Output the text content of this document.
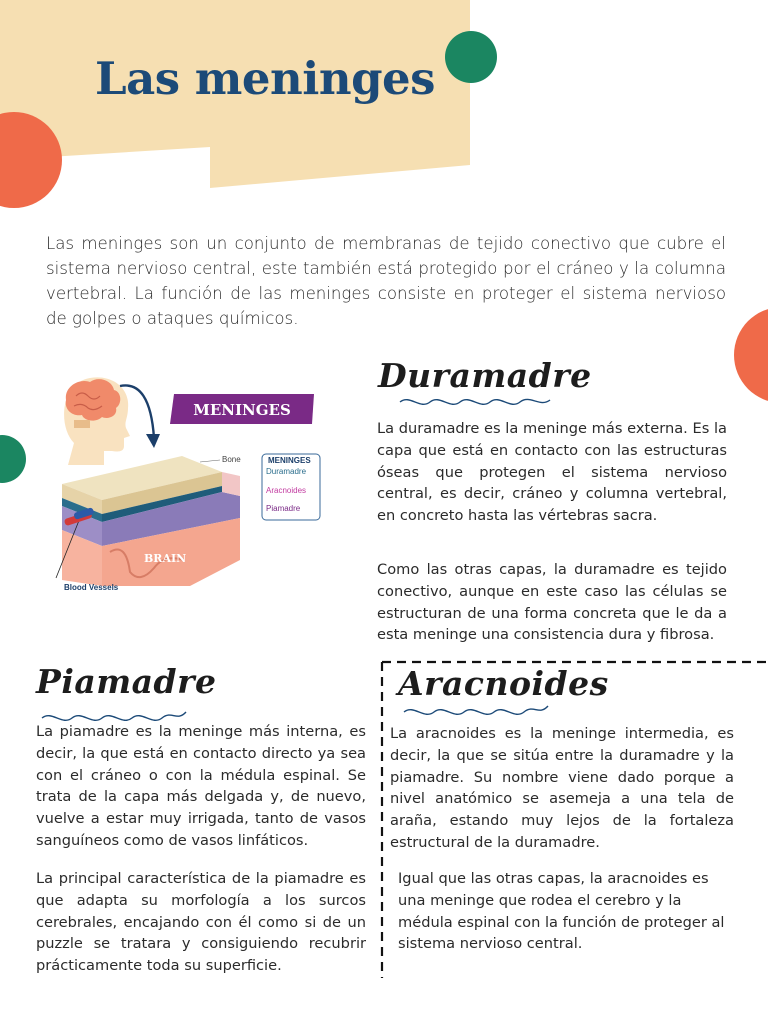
Las meninges

Las meninges son un conjunto de membranas de tejido conectivo que cubre el sistema nervioso central, este también está protegido por el cráneo y la columna vertebral. La función de las meninges consiste en proteger el sistema nervioso de golpes o ataques químicos.

MENINGES
MENINGES
Duramadre
Aracnoides
Piamadre
Bone
BRAIN
Blood Vessels
Duramadre

La duramadre es la meninge más externa. Es la capa que está en contacto con las estructuras óseas que protegen el sistema nervioso central, es decir, cráneo y columna vertebral, en concreto hasta las vértebras sacra.

Como las otras capas, la duramadre es tejido conectivo, aunque en este caso las células se estructuran de una forma concreta que le da a esta meninge una consistencia dura y fibrosa.

Piamadre

La piamadre es la meninge más interna, es decir, la que está en contacto directo ya sea con el cráneo o con la médula espinal. Se trata de la capa más delgada y, de nuevo, vuelve a estar muy irrigada, tanto de vasos sanguíneos como de vasos linfáticos.

La principal característica de la piamadre es que adapta su morfología a los surcos cerebrales, encajando con él como si de un puzzle se tratara y consiguiendo recubrir prácticamente toda su superficie.

Aracnoides

La aracnoides es la meninge intermedia, es decir, la que se sitúa entre la duramadre y la piamadre. Su nombre viene dado porque a nivel anatómico se asemeja a una tela de araña, estando muy lejos de la fortaleza estructural de la duramadre.

Igual que las otras capas, la aracnoides es una meninge que rodea el cerebro y la médula espinal con la función de proteger al sistema nervioso central.
